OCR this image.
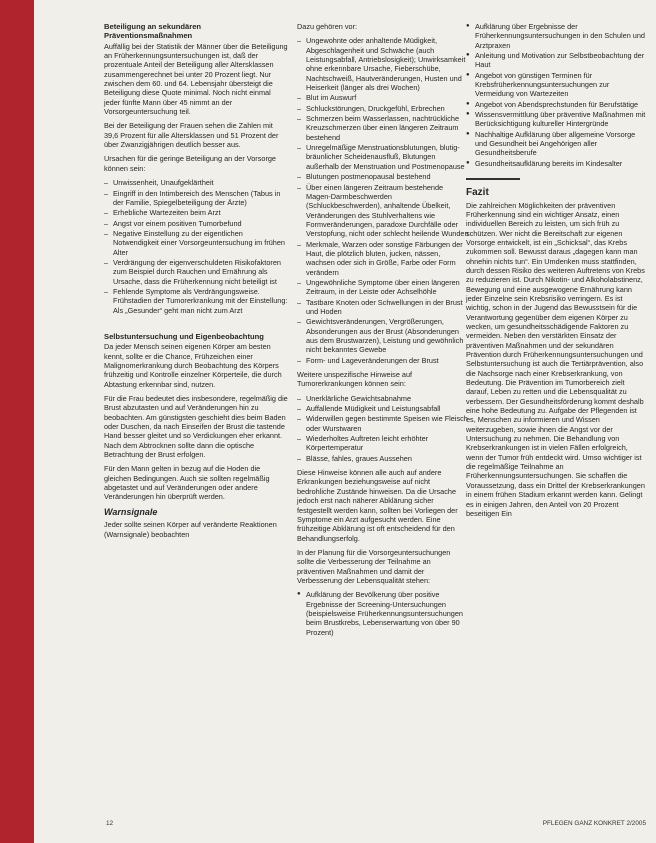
Beteiligung an sekundären Präventionsmaßnahmen

Auffällig bei der Statistik der Männer über die Beteiligung an Früherkennungsuntersuchungen ist, daß der prozentuale Anteil der Beteiligung aller Altersklassen zusammengerechnet bei unter 20 Prozent liegt. Nur zwischen dem 60. und 64. Lebensjahr übersteigt die Beteiligung diese Quote minimal. Noch nicht einmal jeder fünfte Mann über 45 nimmt an der Vorsorgeuntersuchung teil.

Bei der Beteiligung der Frauen sehen die Zahlen mit 39,6 Prozent für alle Altersklassen und 51 Prozent der über Zwanzigjährigen deutlich besser aus.

Ursachen für die geringe Beteiligung an der Vorsorge können sein:

– Unwissenheit, Unaufgeklärtheit
– Eingriff in den Intimbereich des Menschen (Tabus in der Familie, Spiegelbeteiligung der Ärzte)
– Erhebliche Wartezeiten beim Arzt
– Angst vor einem positiven Tumorbefund
– Negative Einstellung zu der eigentlichen Notwendigkeit einer Vorsorgeuntersuchung im frühen Alter
– Verdrängung der eigenverschuldeten Risikofaktoren zum Beispiel durch Rauchen und Ernährung als Ursache, dass die Früherkennung nicht beteiligt ist
– Fehlende Symptome als Verdrängungsweise. Frühstadien der Tumorerkrankung mit der Einstellung: Als „Gesunder“ geht man nicht zum Arzt
Selbstuntersuchung und Eigenbeobachtung

Da jeder Mensch seinen eigenen Körper am besten kennt, sollte er die Chance, Frühzeichen einer Malignomerkrankung durch Beobachtung des Körpers frühzeitig und Kontrolle einzelner Körperteile, die durch Abtastung erkennbar sind, nutzen.

Für die Frau bedeutet dies insbesondere, regelmäßig die Brust abzutasten und auf Veränderungen hin zu beobachten. Am günstigsten geschieht dies beim Baden oder Duschen, da nach Einseifen der Brust die tastende Hand besser gleitet und so Verdickungen eher erkannt. Nach dem Abtrocknen sollte dann die optische Betrachtung der Brust erfolgen.

Für den Mann gelten in bezug auf die Hoden die gleichen Bedingungen. Auch sie sollten regelmäßig abgetastet und auf Veränderungen oder andere Veränderungen hin überprüft werden.

Warnsignale

Jeder sollte seinen Körper auf veränderte Reaktionen (Warnsignale) beobachten

Dazu gehören vor:

– Ungewohnte oder anhaltende Müdigkeit, Abgeschlagenheit und Schwäche (auch Leistungsabfall, Antriebslosigkeit); Unwirksamkeit ohne erkennbare Ursache, Fieberschübe, Nachtschweiß, Hautveränderungen, Husten und Heiserkeit (länger als drei Wochen)
– Blut im Auswurf
– Schluckstörungen, Druckgefühl, Erbrechen
– Schmerzen beim Wasserlassen, nachtrückliche Kreuzschmerzen über einen längeren Zeitraum bestehend
– Unregelmäßige Menstruationsblutungen, blutig-bräunlicher Scheidenausfluß, Blutungen außerhalb der Menstruation und Postmenopause
– Blutungen postmenopausal bestehend
– Über einen längeren Zeitraum bestehende Magen-Darmbeschwerden (Schluckbeschwerden), anhaltende Übelkeit, Veränderungen des Stuhlverhaltens wie Formveränderungen, paradoxe Durchfälle oder Verstopfung, nicht oder schlecht heilende Wunden
– Merkmale, Warzen oder sonstige Färbungen der Haut, die plötzlich bluten, jucken, nässen, wachsen oder sich in Größe, Farbe oder Form verändern
– Ungewöhnliche Symptome über einen längeren Zeitraum, in der Leiste oder Achselhöhle
– Tastbare Knoten oder Schwellungen in der Brust und Hoden
– Gewichtsveränderungen, Vergrößerungen, Absonderungen aus der Brust (Absonderungen aus dem Brustwarzen), Leistung und gewöhnlich nicht bekanntes Gewebe
– Form- und Lageveränderungen der Brust

Weitere unspezifische Hinweise auf Tumorerkrankungen können sein:

– Unerklärliche Gewichtsabnahme
– Auffallende Müdigkeit und Leistungsabfall
– Widerwillen gegen bestimmte Speisen wie Fleisch oder Wurstwaren
– Wiederholtes Auftreten leicht erhöhter Körpertemperatur
– Blässe, fahles, graues Aussehen

Diese Hinweise können alle auch auf andere Erkrankungen beziehungsweise auf nicht bedrohliche Zustände hinweisen. Da die Ursache jedoch erst nach näherer Abklärung sicher festgestellt werden kann, sollten bei Vorliegen der Symptome ein Arzt aufgesucht werden. Eine frühzeitige Abklärung ist oft entscheidend für den Behandlungserfolg.

In der Planung für die Vorsorgeuntersuchungen sollte die Verbesserung der Teilnahme an präventiven Maßnahmen und damit der Verbesserung der Lebensqualität stehen:

● Aufklärung der Bevölkerung über positive Ergebnisse der Screening-Untersuchungen (beispielsweise Früherkennungsuntersuchungen beim Brustkrebs, Lebenserwartung von über 90 Prozent)
● Aufklärung über Ergebnisse der Früherkennungsuntersuchungen in den Schulen und Arztpraxen
● Anleitung und Motivation zur Selbstbeobachtung der Haut
● Angebot von günstigen Terminen für Krebsfrüherkennungsuntersuchungen zur Vermeidung von Wartezeiten
● Angebot von Abendsprechstunden für Berufstätige
● Wissensvermittlung über präventive Maßnahmen mit Berücksichtigung kultureller Hintergründe
● Nachhaltige Aufklärung über allgemeine Vorsorge und Gesundheit bei Angehörigen aller Gesundheitsberufe
● Gesundheitsaufklärung bereits im Kindesalter
Fazit

Die zahlreichen Möglichkeiten der präventiven Früherkennung sind ein wichtiger Ansatz, einen individuellen Bereich zu leisten, um sich früh zu schützen. Wer nicht die Bereitschaft zur eigenen Vorsorge entwickelt, ist ein „Schicksal“, das Krebs zukommen soll. Bewusst daraus „dagegen kann man ohnehin nichts tun“. Ein Umdenken muss stattfinden, durch dessen Risiko des weiteren Auftretens von Krebs zu reduzieren ist. Durch Nikotin- und Alkoholabstinenz, Bewegung und eine ausgewogene Ernährung kann jeder Einzelne sein Krebsrisiko verringern. Es ist wichtig, schon in der Jugend das Bewusstsein für die Verantwortung gegenüber dem eigenen Körper zu wecken, um gesundheitsschädigende Faktoren zu vermeiden. Neben den verstärkten Einsatz der präventiven Maßnahmen und der sekundären Prävention durch Früherkennungsuntersuchungen und Selbstuntersuchung ist auch die Tertiärprävention, also die Nachsorge nach einer Krebserkrankung, von Bedeutung. Die Prävention im Tumorbereich zielt darauf, Leben zu retten und die Lebensqualität zu verbessern. Der Gesundheitsförderung kommt deshalb eine hohe Bedeutung zu. Aufgabe der Pflegenden ist es, Menschen zu informieren und Wissen weiterzugeben, sowie ihnen die Angst vor der Untersuchung zu nehmen. Die Behandlung von Krebserkrankungen ist in vielen Fällen erfolgreich, wenn der Tumor früh entdeckt wird. Umso wichtiger ist die regelmäßige Teilnahme an Früherkennungsuntersuchungen. Sie schaffen die Voraussetzung, dass ein Drittel der Krebserkrankungen in einem frühen Stadium erkannt werden kann. Gelingt es in einigen Jahren, den Anteil von 20 Prozent beseitigen Ein

12	PFLEGEN GANZ KONKRET 2/2005
